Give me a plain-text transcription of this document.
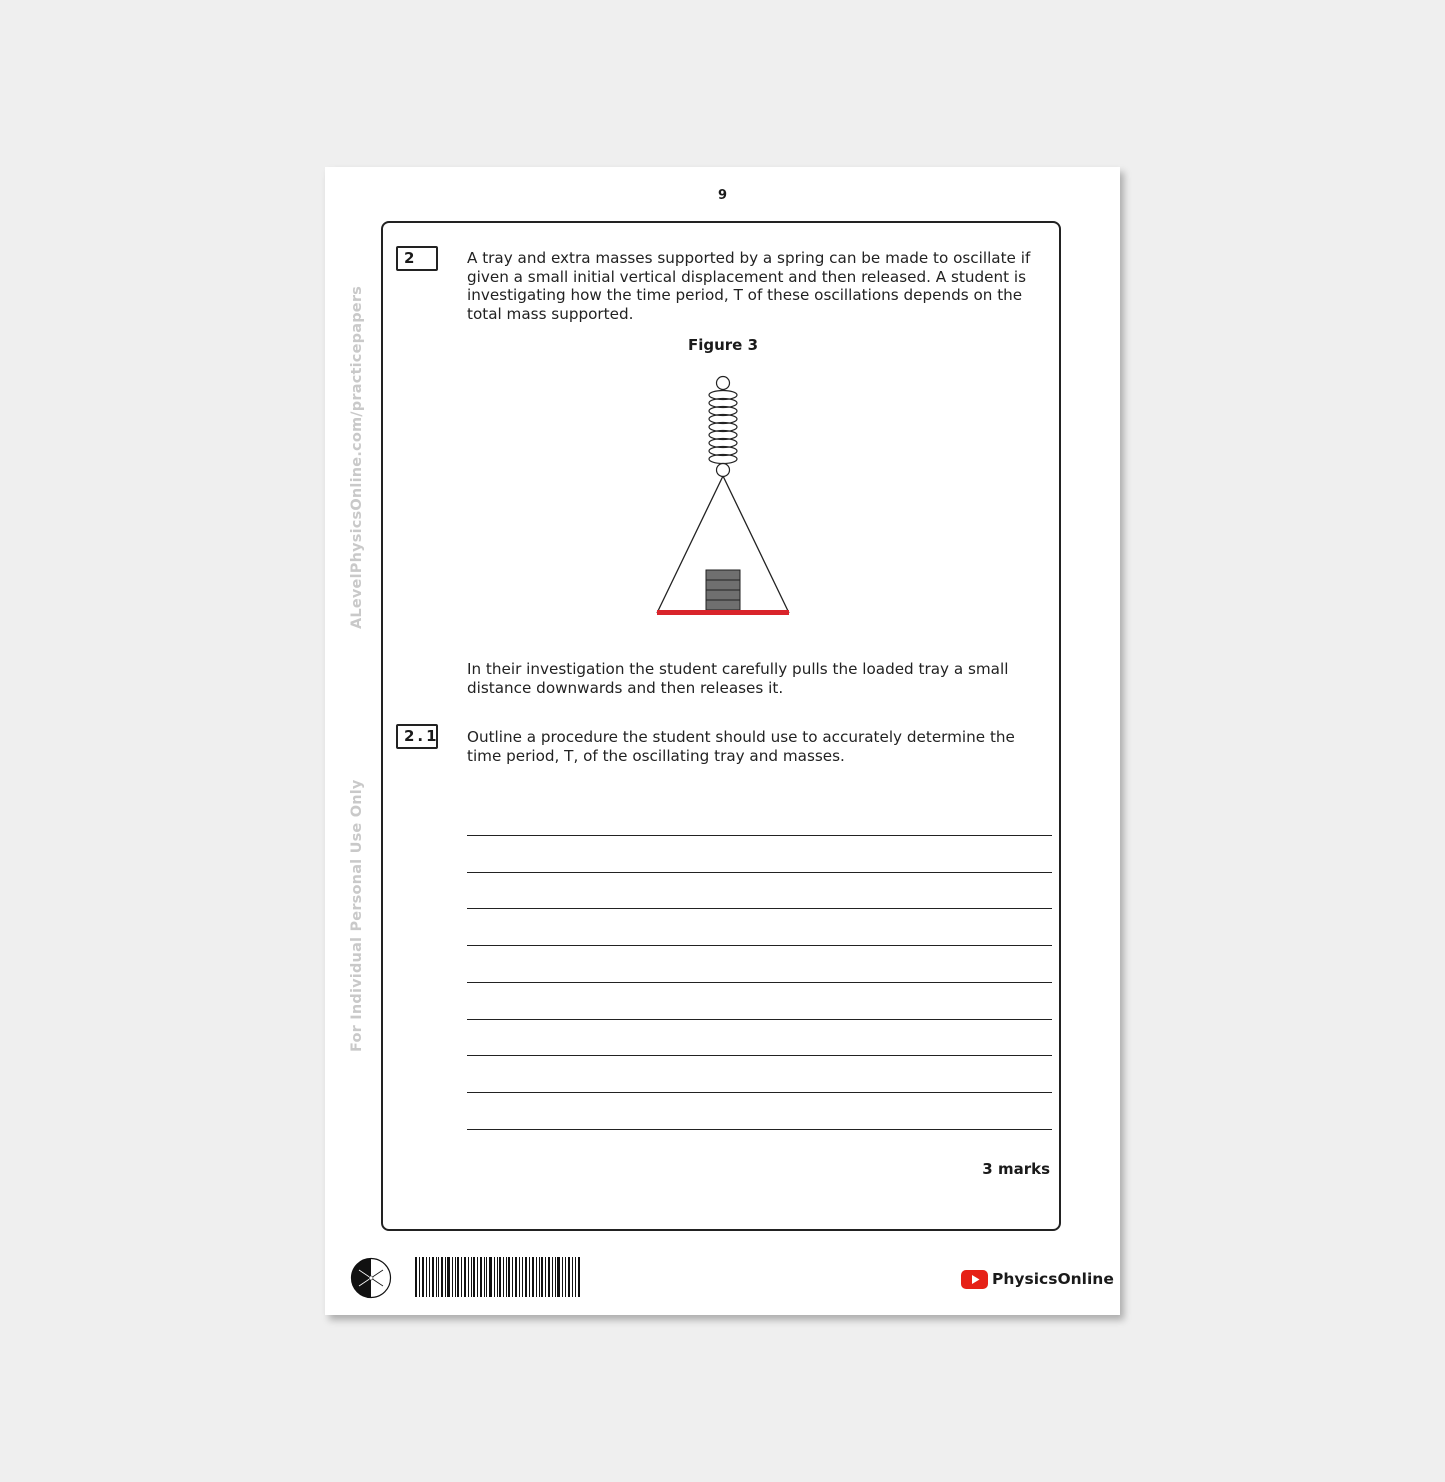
9
ALevelPhysicsOnline.com/practicepapers
For Individual Personal Use Only
2	A tray and extra masses supported by a spring can be made to oscillate if given a small initial vertical displacement and then released. A student is investigating how the time period, T of these oscillations depends on the total mass supported.
Figure 3
In their investigation the student carefully pulls the loaded tray a small distance downwards and then releases it.
2.1 Outline a procedure the student should use to accurately determine the time period, T, of the oscillating tray and masses.
3 marks
PhysicsOnline
